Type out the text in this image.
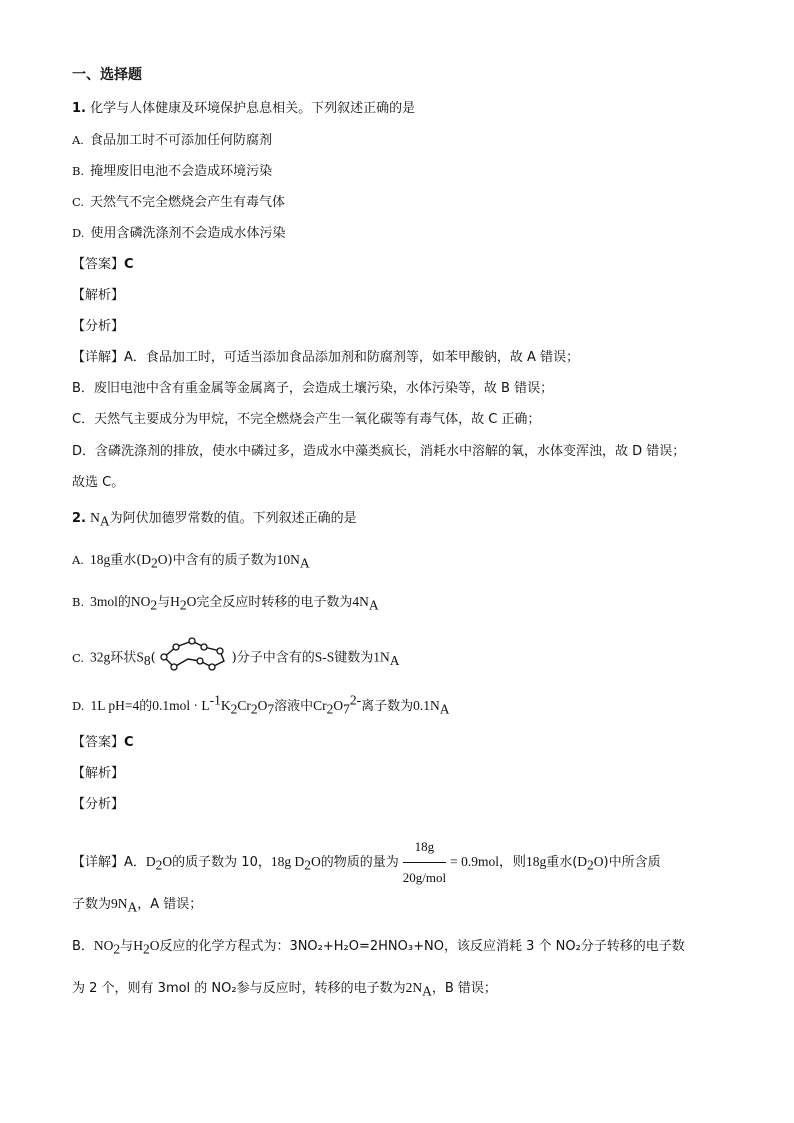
一、选择题
1. 化学与人体健康及环境保护息息相关。下列叙述正确的是
A. 食品加工时不可添加任何防腐剂
B. 掩埋废旧电池不会造成环境污染
C. 天然气不完全燃烧会产生有毒气体
D. 使用含磷洗涤剂不会造成水体污染
【答案】C
【解析】
【分析】
【详解】A．食品加工时，可适当添加食品添加剂和防腐剂等，如苯甲酸钠，故 A 错误；
B．废旧电池中含有重金属等金属离子，会造成土壤污染，水体污染等，故 B 错误；
C．天然气主要成分为甲烷，不完全燃烧会产生一氧化碳等有毒气体，故 C 正确；
D．含磷洗涤剂的排放，使水中磷过多，造成水中藻类疯长，消耗水中溶解的氧，水体变浑浊，故 D 错误；
故选 C。
2. $N_A$为阿伏加德罗常数的值。下列叙述正确的是
A. 18g重水$(D_2O)$中含有的质子数为$10N_A$
B. 3mol的$NO_2$与$H_2O$完全反应时转移的电子数为$4N_A$
C. 32g环状$S_8$(	)分子中含有的S-S键数为$1N_A$
D. 1L pH=4的$0.1mol \cdot L^{-1}K_2Cr_2O_7$溶液中$Cr_2O_7^{2-}$离子数为$0.1N_A$
【答案】C
【解析】
【分析】
【详解】A．$D_2O$的质子数为 10，18g $D_2O$的物质的量为 $\frac{18g}{\text{20g/mol}} = 0.9mol$，则18g重水$(D_2O)$中所含质
子数为$9N_A$，A 错误；
B．$NO_2$与$H_2O$反应的化学方程式为：3NO₂+H₂O=2HNO₃+NO，该反应消耗 3 个 NO₂分子转移的电子数
为 2 个，则有 3mol 的 NO₂参与反应时，转移的电子数为$2N_A$，B 错误；
